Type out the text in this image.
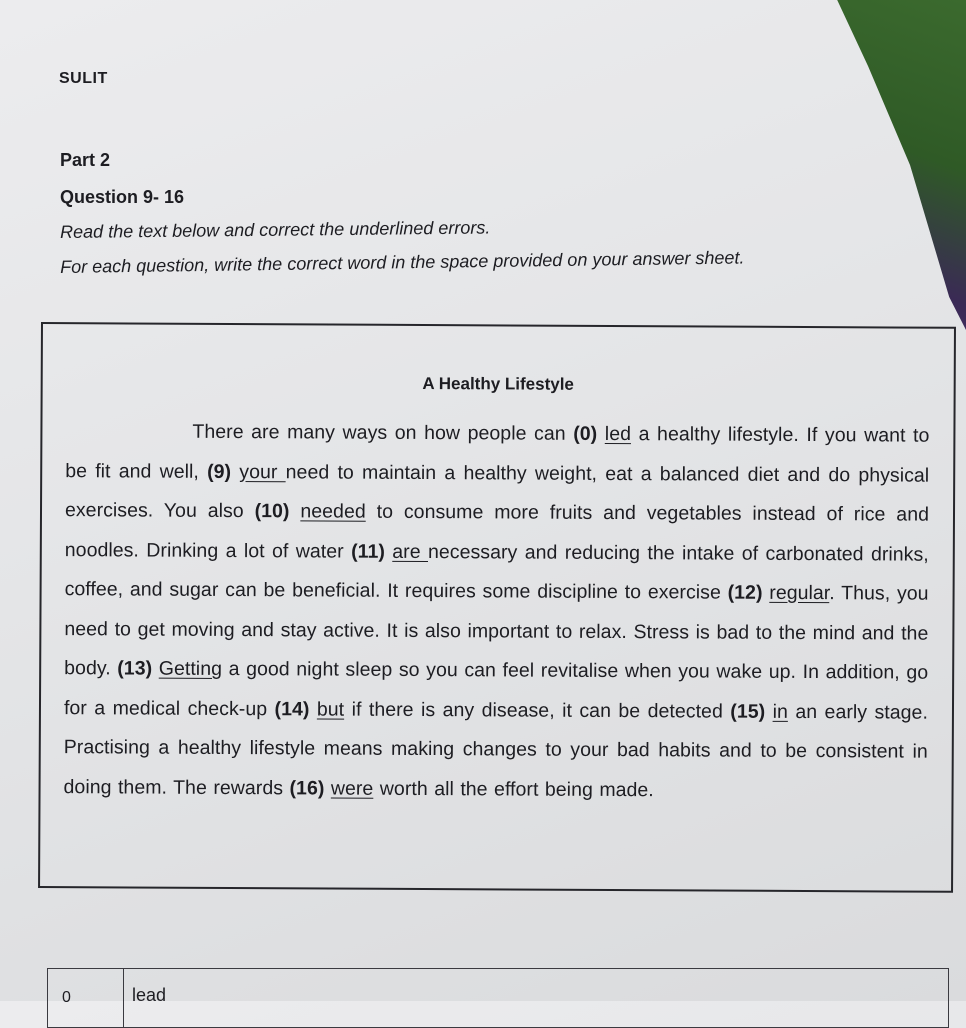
SULIT
Part 2
Question 9- 16
Read the text below and correct the underlined errors.
For each question, write the correct word in the space provided on your answer sheet.
A Healthy Lifestyle
There are many ways on how people can (0) led a healthy lifestyle. If you want to be fit and well, (9) your need to maintain a healthy weight, eat a balanced diet and do physical exercises. You also (10) needed to consume more fruits and vegetables instead of rice and noodles. Drinking a lot of water (11) are necessary and reducing the intake of carbonated drinks, coffee, and sugar can be beneficial. It requires some discipline to exercise (12) regular. Thus, you need to get moving and stay active. It is also important to relax. Stress is bad to the mind and the body. (13) Getting a good night sleep so you can feel revitalise when you wake up. In addition, go for a medical check-up (14) but if there is any disease, it can be detected (15) in an early stage. Practising a healthy lifestyle means making changes to your bad habits and to be consistent in doing them. The rewards (16) were worth all the effort being made.
0	lead
